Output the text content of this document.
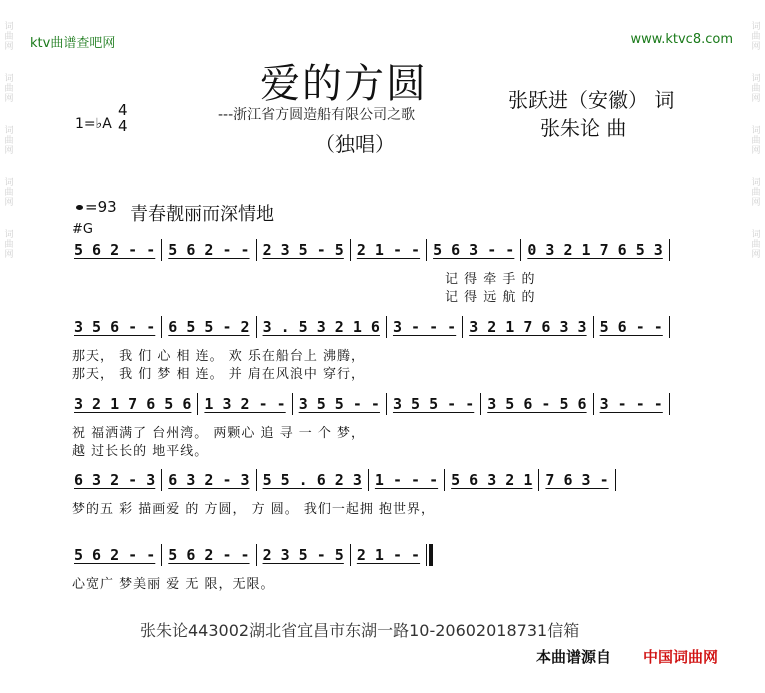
词
曲
网
词
曲
网
词
曲
网
词
曲
网
词
曲
网
词
曲
网
词
曲
网
词
曲
网
词
曲
网
词
曲
网
ktv曲谱查吧网	www.ktvc8.com
爱的方圆
---浙江省方圆造船有限公司之歌
（独唱）
张跃进（安徽） 词
张朱论 曲
1=♭A
4
4
=93 青春靓丽而深情地
#G
5 6 2 - - 5 6 2 - - 2 3 5 - 5 2 1 - - 5 6 3 - - 0 3 2 1 7 6 5 3
记 得 牵 手 的
记 得 远 航 的
3 5 6 - - 6 5 5 - 2 3 . 5 3 2 1 6 3 - - - 3 2 1 7 6 3 3 5 6 - -
那天， 我 们 心 相 连。 欢 乐在船台上 沸腾，
那天， 我 们 梦 相 连。 并 肩在风浪中 穿行，
3 2 1 7 6 5 6 1 3 2 - - 3 5 5 - - 3 5 5 - - 3 5 6 - 5 6 3 - - -
祝 福洒满了 台州湾。 两颗心 追 寻 一 个 梦，
越 过长长的 地平线。
6 3 2 - 3 6 3 2 - 3 5 5 . 6 2 3 1 - - - 5 6 3 2 1 7 6 3 -
梦的五 彩 描画爱 的 方圆， 方 圆。 我们一起拥 抱世界，
5 6 2 - - 5 6 2 - - 2 3 5 - 5 2 1 - -
心宽广 梦美丽 爱 无 限，无限。
张朱论443002湖北省宜昌市东湖一路10-20602018731信箱
本曲谱源自 中国词曲网
